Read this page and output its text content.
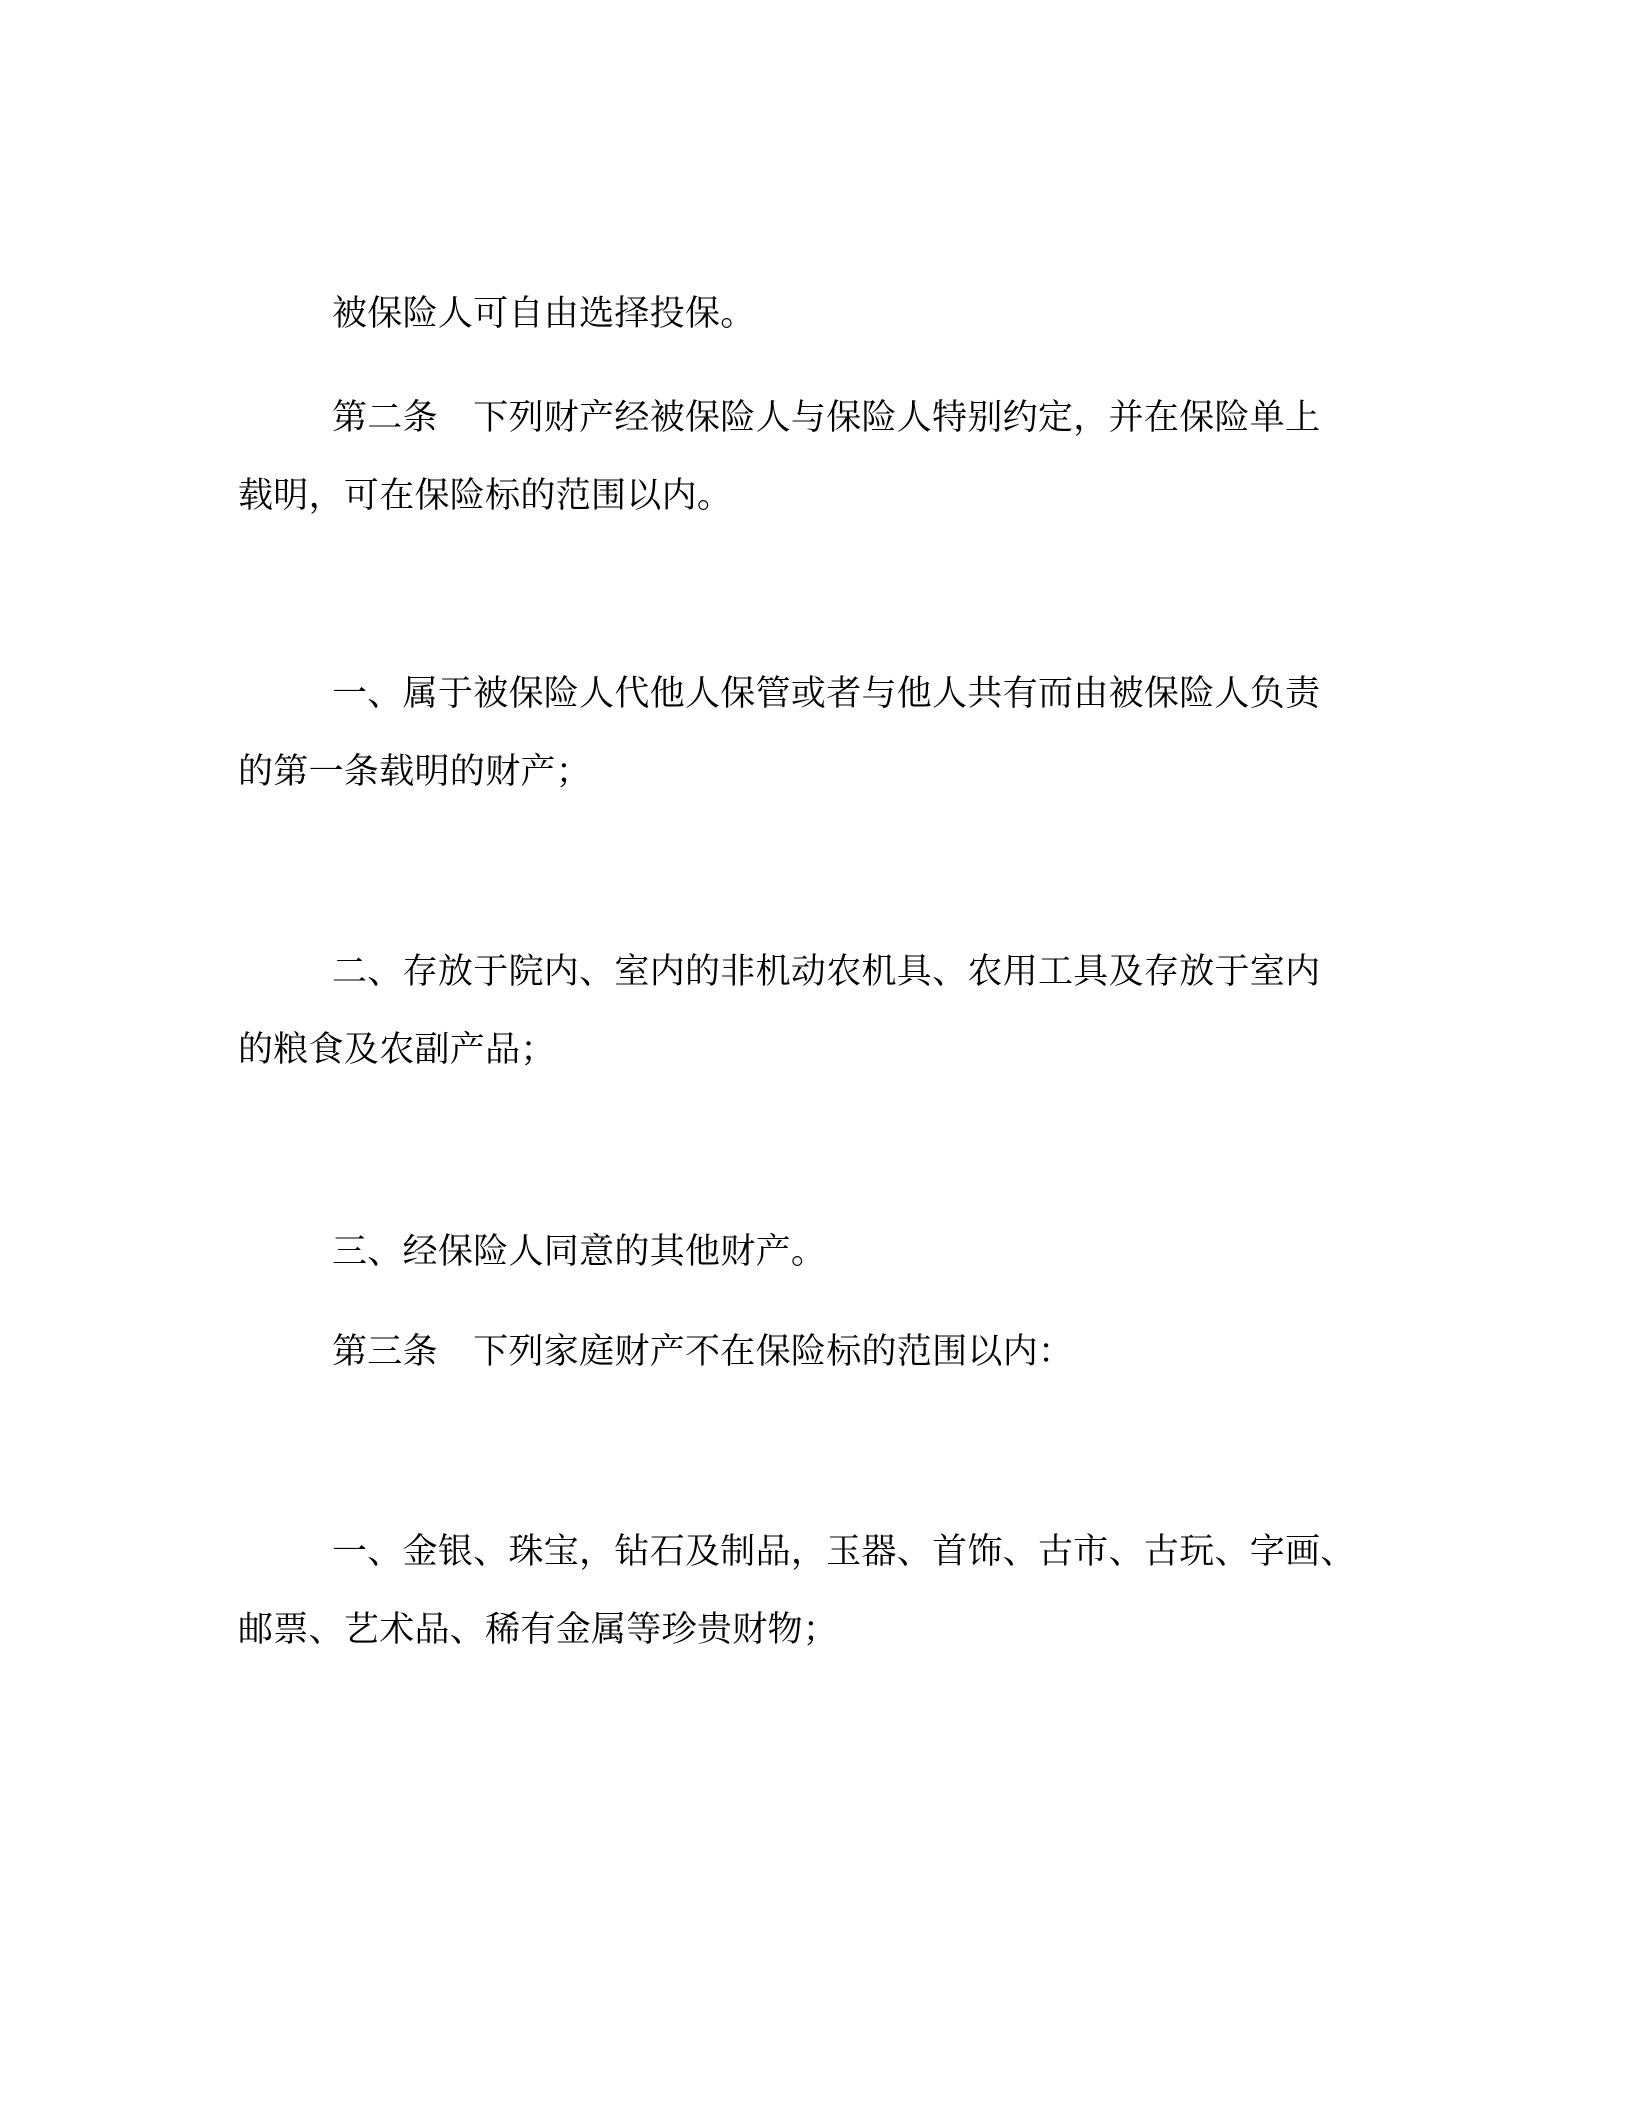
被保险人可自由选择投保。
第二条　下列财产经被保险人与保险人特别约定，并在保险单上
载明，可在保险标的范围以内。
一、属于被保险人代他人保管或者与他人共有而由被保险人负责
的第一条载明的财产；
二、存放于院内、室内的非机动农机具、农用工具及存放于室内
的粮食及农副产品；
三、经保险人同意的其他财产。
第三条　下列家庭财产不在保险标的范围以内：
一、金银、珠宝，钻石及制品，玉器、首饰、古市、古玩、字画、
邮票、艺术品、稀有金属等珍贵财物；
